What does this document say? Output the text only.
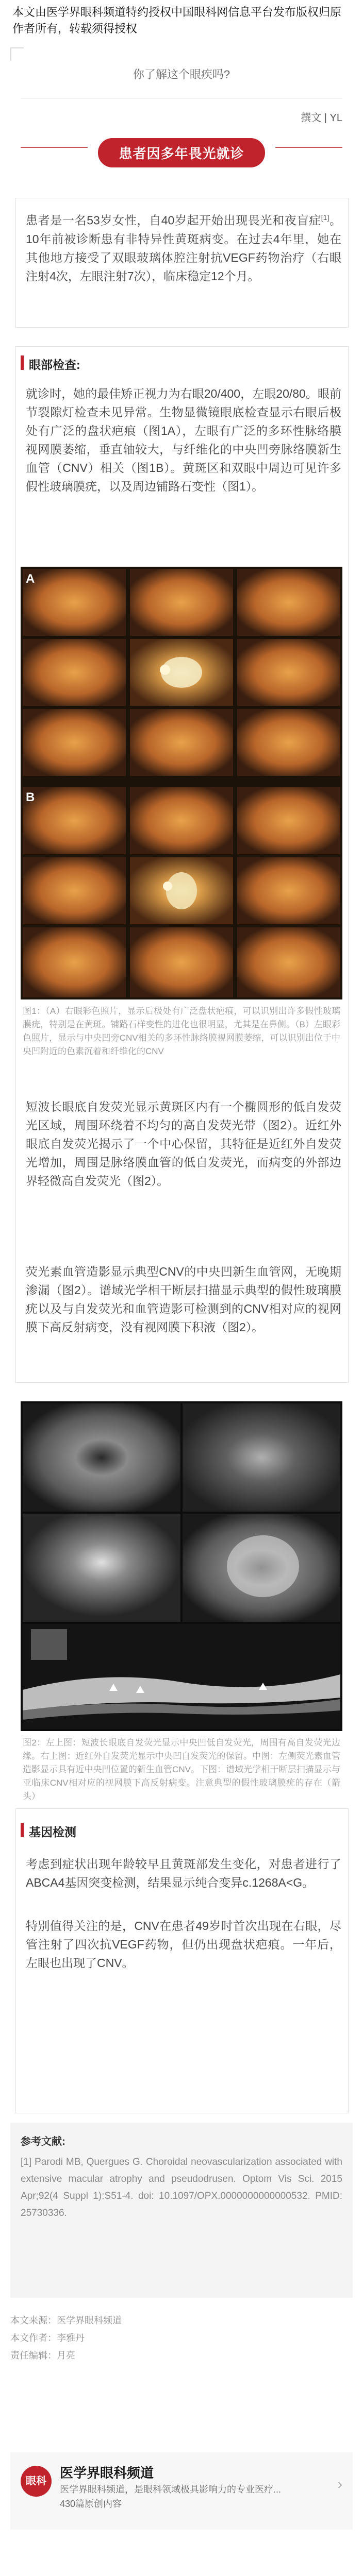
本文由医学界眼科频道特约授权中国眼科网信息平台发布版权归原作者所有，转载须得授权
你了解这个眼疾吗?
撰文 | YL
患者因多年畏光就诊
患者是一名53岁女性，自40岁起开始出现畏光和夜盲症[1]。10年前被诊断患有非特异性黄斑病变。在过去4年里，她在其他地方接受了双眼玻璃体腔注射抗VEGF药物治疗（右眼注射4次，左眼注射7次），临床稳定12个月。
眼部检查:
就诊时，她的最佳矫正视力为右眼20/400，左眼20/80。眼前节裂隙灯检查未见异常。生物显微镜眼底检查显示右眼后极处有广泛的盘状疤痕（图1A），左眼有广泛的多环性脉络膜视网膜萎缩，垂直轴较大，与纤维化的中央凹旁脉络膜新生血管（CNV）相关（图1B）。黄斑区和双眼中周边可见许多假性玻璃膜疣，以及周边铺路石变性（图1）。
A
B
图1：（A）右眼彩色照片，显示后极处有广泛盘状疤痕，可以识别出许多假性玻璃膜疣，特别是在黄斑。铺路石样变性的进化也很明显，尤其是在鼻侧。（B）左眼彩色照片，显示与中央凹旁CNV相关的多环性脉络膜视网膜萎缩，可以识别出位于中央凹附近的色素沉着和纤维化的CNV
短波长眼底自发荧光显示黄斑区内有一个椭圆形的低自发荧光区域，周围环绕着不均匀的高自发荧光带（图2）。近红外眼底自发荧光揭示了一个中心保留，其特征是近红外自发荧光增加，周围是脉络膜血管的低自发荧光，而病变的外部边界轻微高自发荧光（图2）。
荧光素血管造影显示典型CNV的中央凹新生血管网，无晚期渗漏（图2）。谱域光学相干断层扫描显示典型的假性玻璃膜疣以及与自发荧光和血管造影可检测到的CNV相对应的视网膜下高反射病变，没有视网膜下积液（图2）。
图2：左上图：短波长眼底自发荧光显示中央凹低自发荧光，周围有高自发荧光边缘。右上图：近红外自发荧光显示中央凹自发荧光的保留。中图：左侧荧光素血管造影显示具有近中央凹位置的新生血管CNV。下图：谱域光学相干断层扫描显示与亚临床CNV相对应的视网膜下高反射病变。注意典型的假性玻璃膜疣的存在（箭头）
基因检测
考虑到症状出现年龄较早且黄斑部发生变化，对患者进行了ABCA4基因突变检测，结果显示纯合变异c.1268A<G。
特别值得关注的是，CNV在患者49岁时首次出现在右眼，尽管注射了四次抗VEGF药物，但仍出现盘状疤痕。一年后，左眼也出现了CNV。
参考文献:
[1] Parodi MB, Quergues G. Choroidal neovascularization associated with extensive macular atrophy and pseudodrusen. Optom Vis Sci. 2015 Apr;92(4 Suppl 1):S51-4. doi: 10.1097/OPX.0000000000000532. PMID: 25730336.
本文来源：医学界眼科频道
本文作者：李雅丹
责任编辑：月亮
眼科
医学界眼科频道
医学界眼科频道，是眼科领域极具影响力的专业医疗...
430篇原创内容
›
